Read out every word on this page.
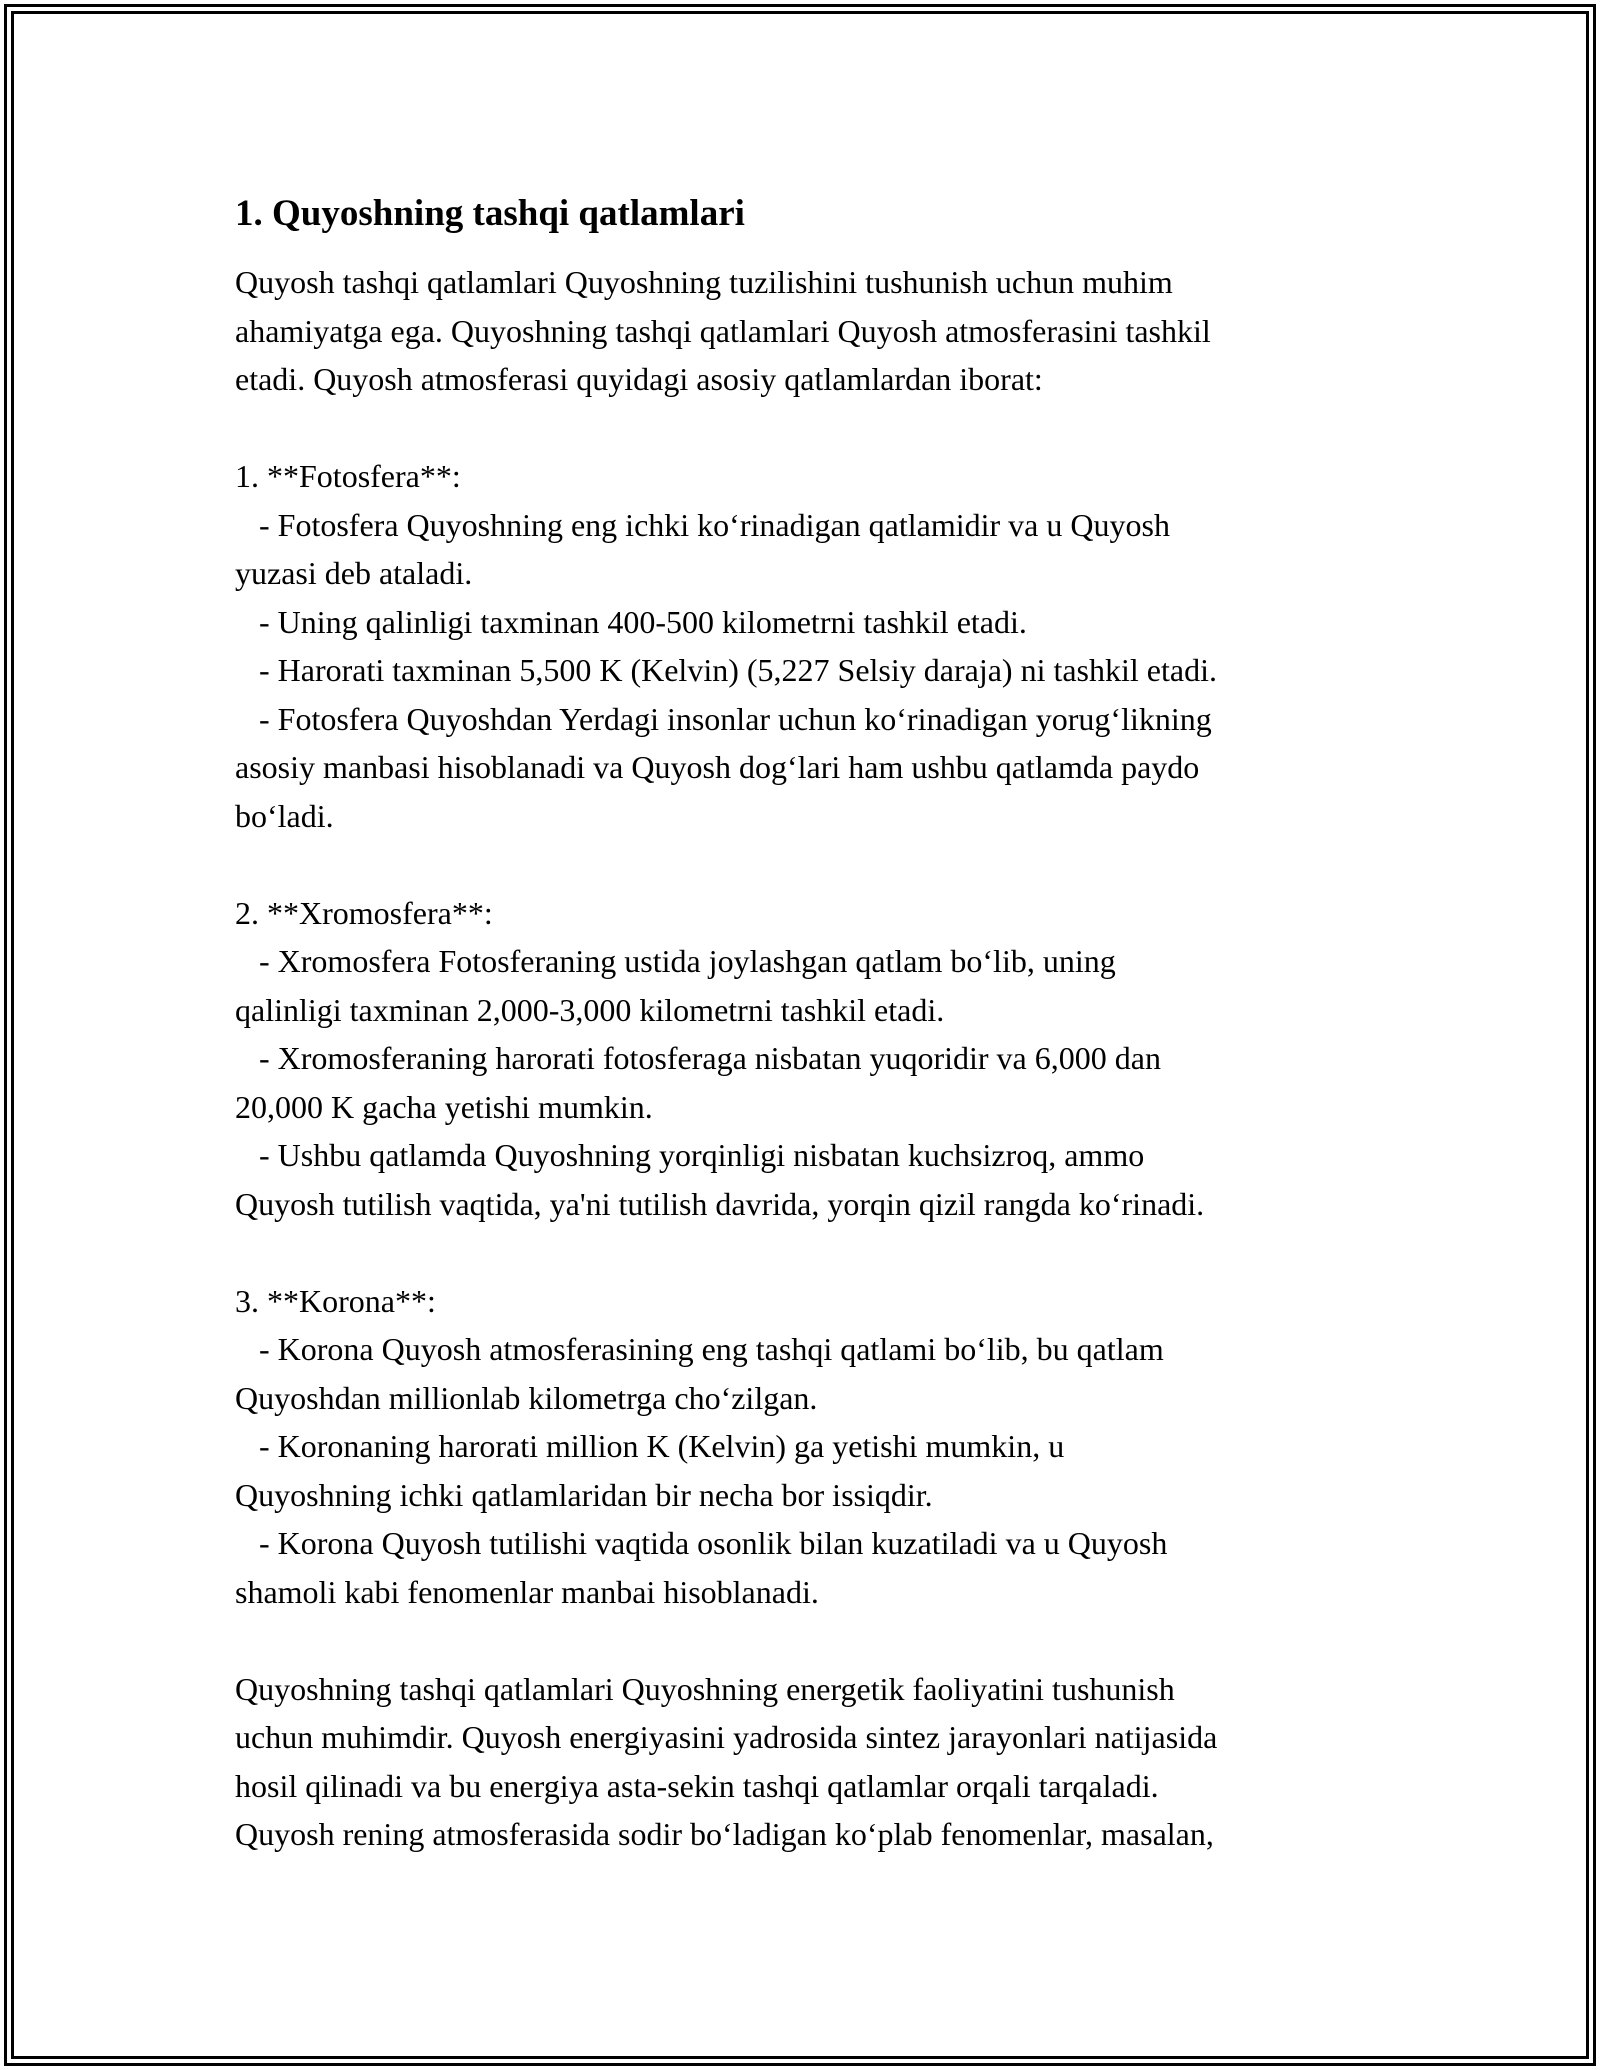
1. Quyoshning tashqi qatlamlari

Quyosh tashqi qatlamlari Quyoshning tuzilishini tushunish uchun muhim
ahamiyatga ega. Quyoshning tashqi qatlamlari Quyosh atmosferasini tashkil
etadi. Quyosh atmosferasi quyidagi asosiy qatlamlardan iborat:

1. **Fotosfera**:
- Fotosfera Quyoshning eng ichki koʻrinadigan qatlamidir va u Quyosh
yuzasi deb ataladi.
- Uning qalinligi taxminan 400-500 kilometrni tashkil etadi.
- Harorati taxminan 5,500 K (Kelvin) (5,227 Selsiy daraja) ni tashkil etadi.
- Fotosfera Quyoshdan Yerdagi insonlar uchun koʻrinadigan yorugʻlikning
asosiy manbasi hisoblanadi va Quyosh dogʻlari ham ushbu qatlamda paydo
boʻladi.

2. **Xromosfera**:
- Xromosfera Fotosferaning ustida joylashgan qatlam boʻlib, uning
qalinligi taxminan 2,000-3,000 kilometrni tashkil etadi.
- Xromosferaning harorati fotosferaga nisbatan yuqoridir va 6,000 dan
20,000 K gacha yetishi mumkin.
- Ushbu qatlamda Quyoshning yorqinligi nisbatan kuchsizroq, ammo
Quyosh tutilish vaqtida, ya'ni tutilish davrida, yorqin qizil rangda koʻrinadi.

3. **Korona**:
- Korona Quyosh atmosferasining eng tashqi qatlami boʻlib, bu qatlam
Quyoshdan millionlab kilometrga choʻzilgan.
- Koronaning harorati million K (Kelvin) ga yetishi mumkin, u
Quyoshning ichki qatlamlaridan bir necha bor issiqdir.
- Korona Quyosh tutilishi vaqtida osonlik bilan kuzatiladi va u Quyosh
shamoli kabi fenomenlar manbai hisoblanadi.

Quyoshning tashqi qatlamlari Quyoshning energetik faoliyatini tushunish
uchun muhimdir. Quyosh energiyasini yadrosida sintez jarayonlari natijasida
hosil qilinadi va bu energiya asta-sekin tashqi qatlamlar orqali tarqaladi.
Quyosh rening atmosferasida sodir boʻladigan koʻplab fenomenlar, masalan,
